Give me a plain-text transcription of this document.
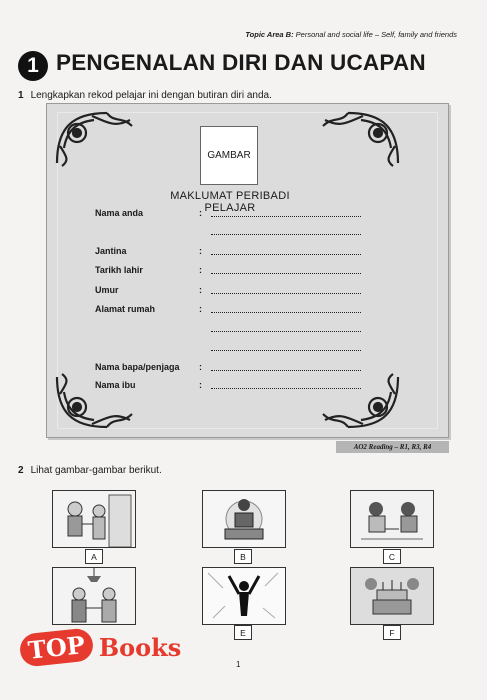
Topic Area B: Personal and social life – Self, family and friends
1 PENGENALAN DIRI DAN UCAPAN
1 Lengkapkan rekod pelajar ini dengan butiran diri anda.
GAMBAR
MAKLUMAT PERIBADI PELAJAR
Nama anda	:
Jantina	:
Tarikh lahir	:
Umur	:
Alamat rumah	:
Nama bapa/penjaga :
Nama ibu	:
AO2 Reading – R1, R3, R4
2 Lihat gambar-gambar berikut.
A	B	C
E	F
1
TOP Books
